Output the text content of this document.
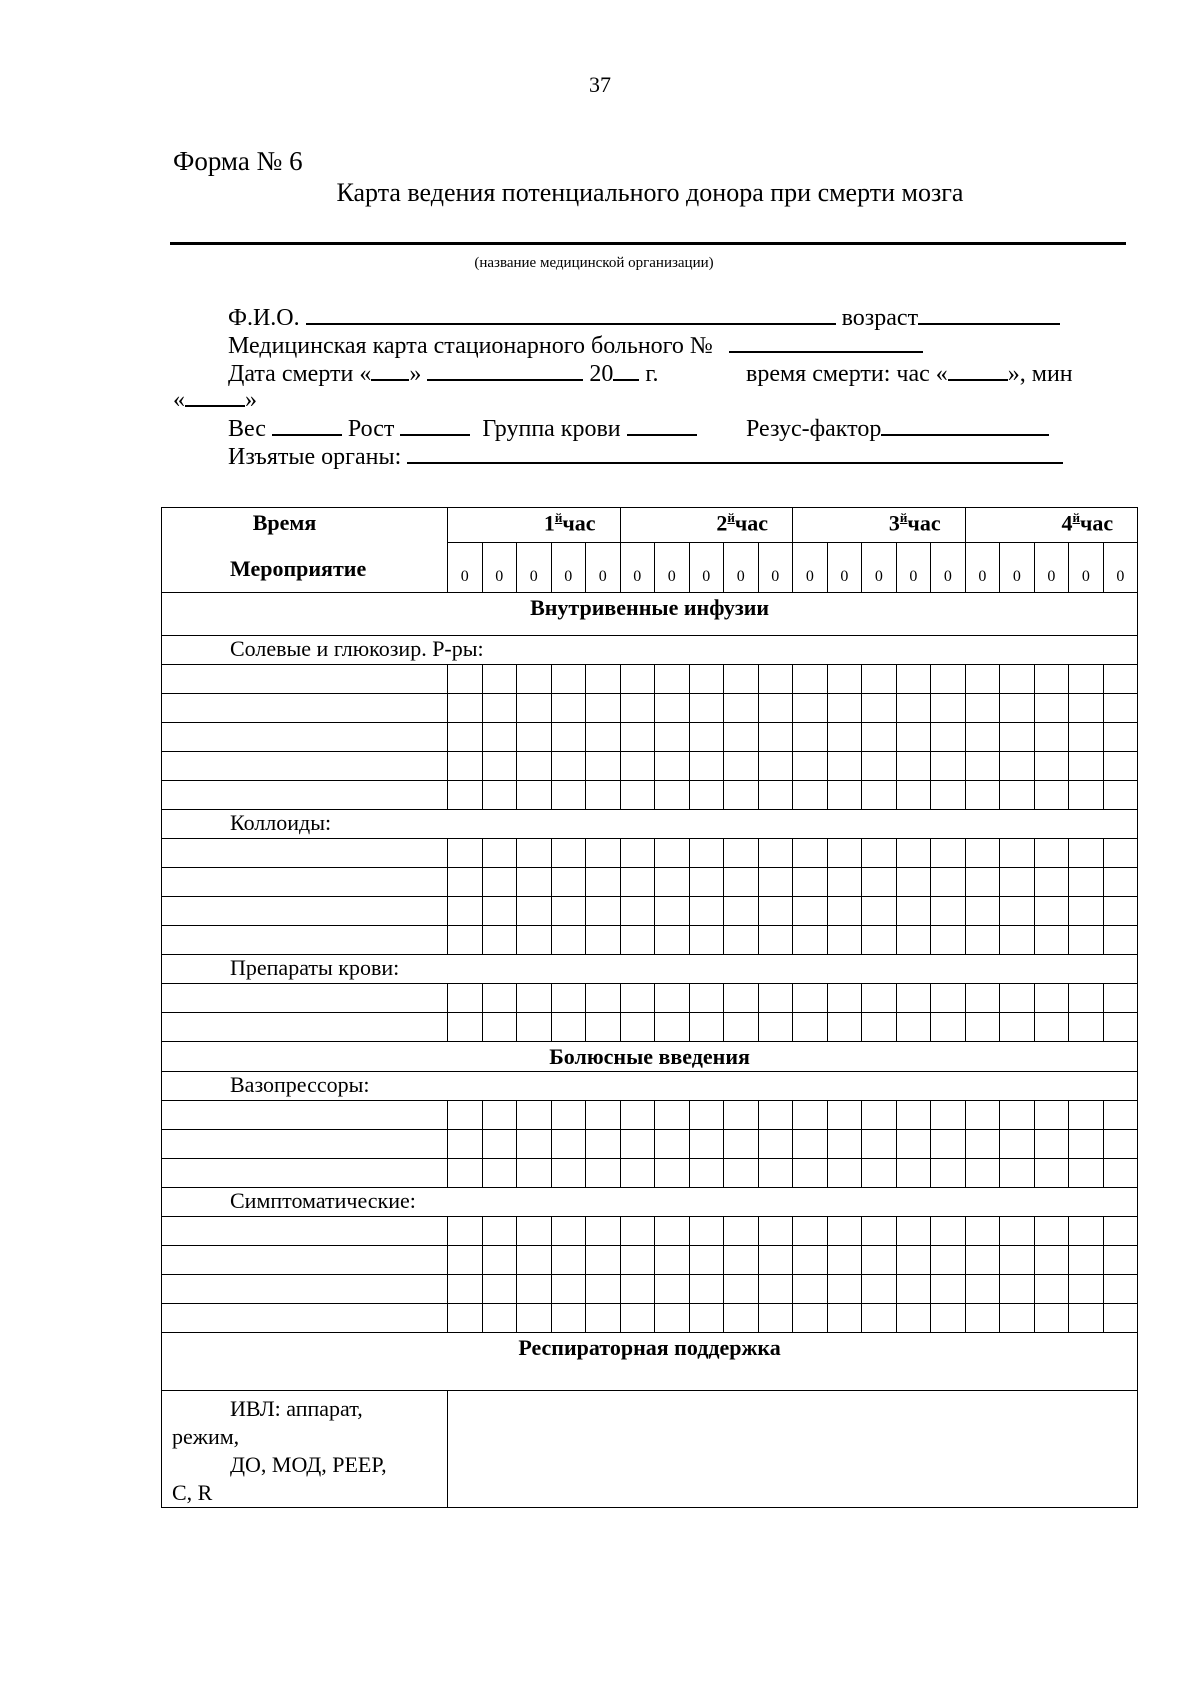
37
Форма № 6
Карта ведения потенциального донора при смерти мозга
(название медицинской организации)
Ф.И.О.	возраст
Медицинская карта стационарного больного №
Дата смерти « »	20 г.	время смерти: час «	», мин
«	»
Вес	Рост	Группа крови	Резус-фактор
Изъятые органы:
Время
Мероприятие	$1^йчас$					$2^йчас$					$3^йчас$					$4^йчас$				
	0	0	0	0	0	0	0	0	0	0	0	0	0	0	0	0	0	0	0	0
Внутривенные инфузии																				
Солевые и глюкозир. Р-ры:																				

Коллоиды:																				

Препараты крови:																				

Болюсные введения																				
Вазопрессоры:																				

Симптоматические:																				

Респираторная поддержка																				

ИВЛ: аппарат,
режим,
ДО, МОД, PEEP,
C, R																				
